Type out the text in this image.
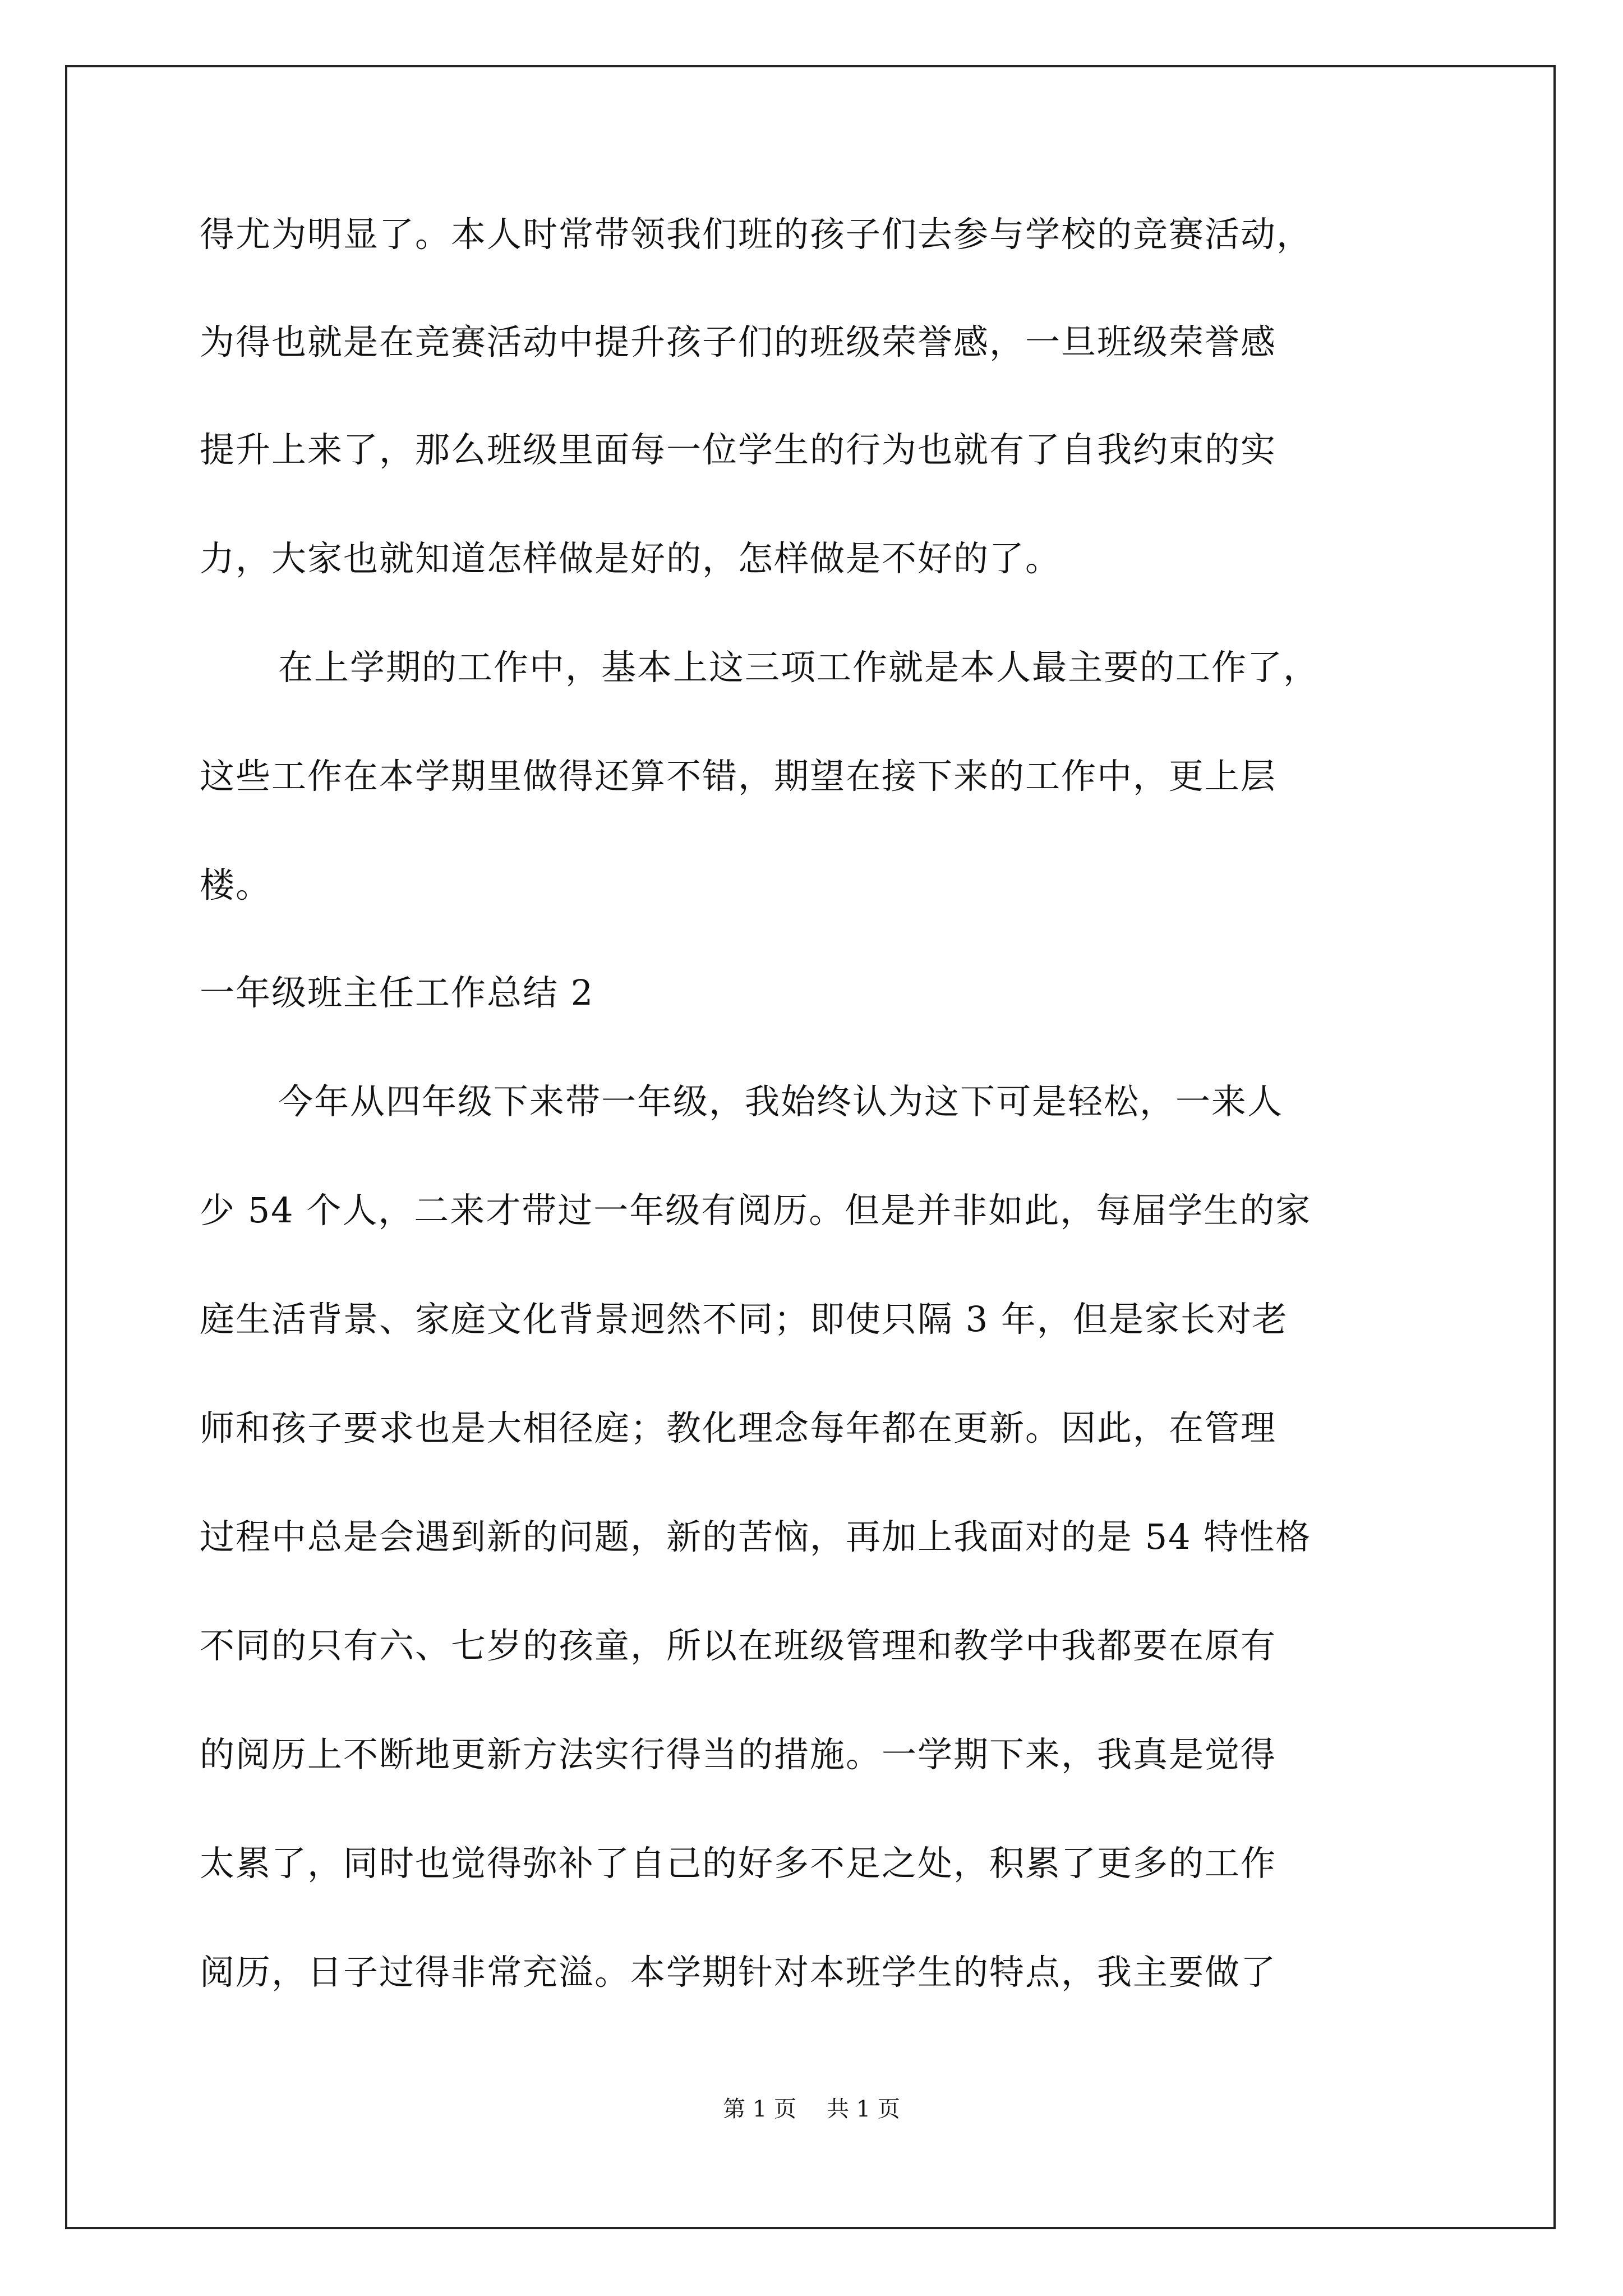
得尤为明显了。本人时常带领我们班的孩子们去参与学校的竞赛活动，
为得也就是在竞赛活动中提升孩子们的班级荣誉感，一旦班级荣誉感
提升上来了，那么班级里面每一位学生的行为也就有了自我约束的实
力，大家也就知道怎样做是好的，怎样做是不好的了。
在上学期的工作中，基本上这三项工作就是本人最主要的工作了，
这些工作在本学期里做得还算不错，期望在接下来的工作中，更上层
楼。
一年级班主任工作总结 2
今年从四年级下来带一年级，我始终认为这下可是轻松，一来人
少 54 个人，二来才带过一年级有阅历。但是并非如此，每届学生的家
庭生活背景、家庭文化背景迥然不同；即使只隔 3 年，但是家长对老
师和孩子要求也是大相径庭；教化理念每年都在更新。因此，在管理
过程中总是会遇到新的问题，新的苦恼，再加上我面对的是 54 特性格
不同的只有六、七岁的孩童，所以在班级管理和教学中我都要在原有
的阅历上不断地更新方法实行得当的措施。一学期下来，我真是觉得
太累了，同时也觉得弥补了自己的好多不足之处，积累了更多的工作
阅历，日子过得非常充溢。本学期针对本班学生的特点，我主要做了
第 1 页 共 1 页
